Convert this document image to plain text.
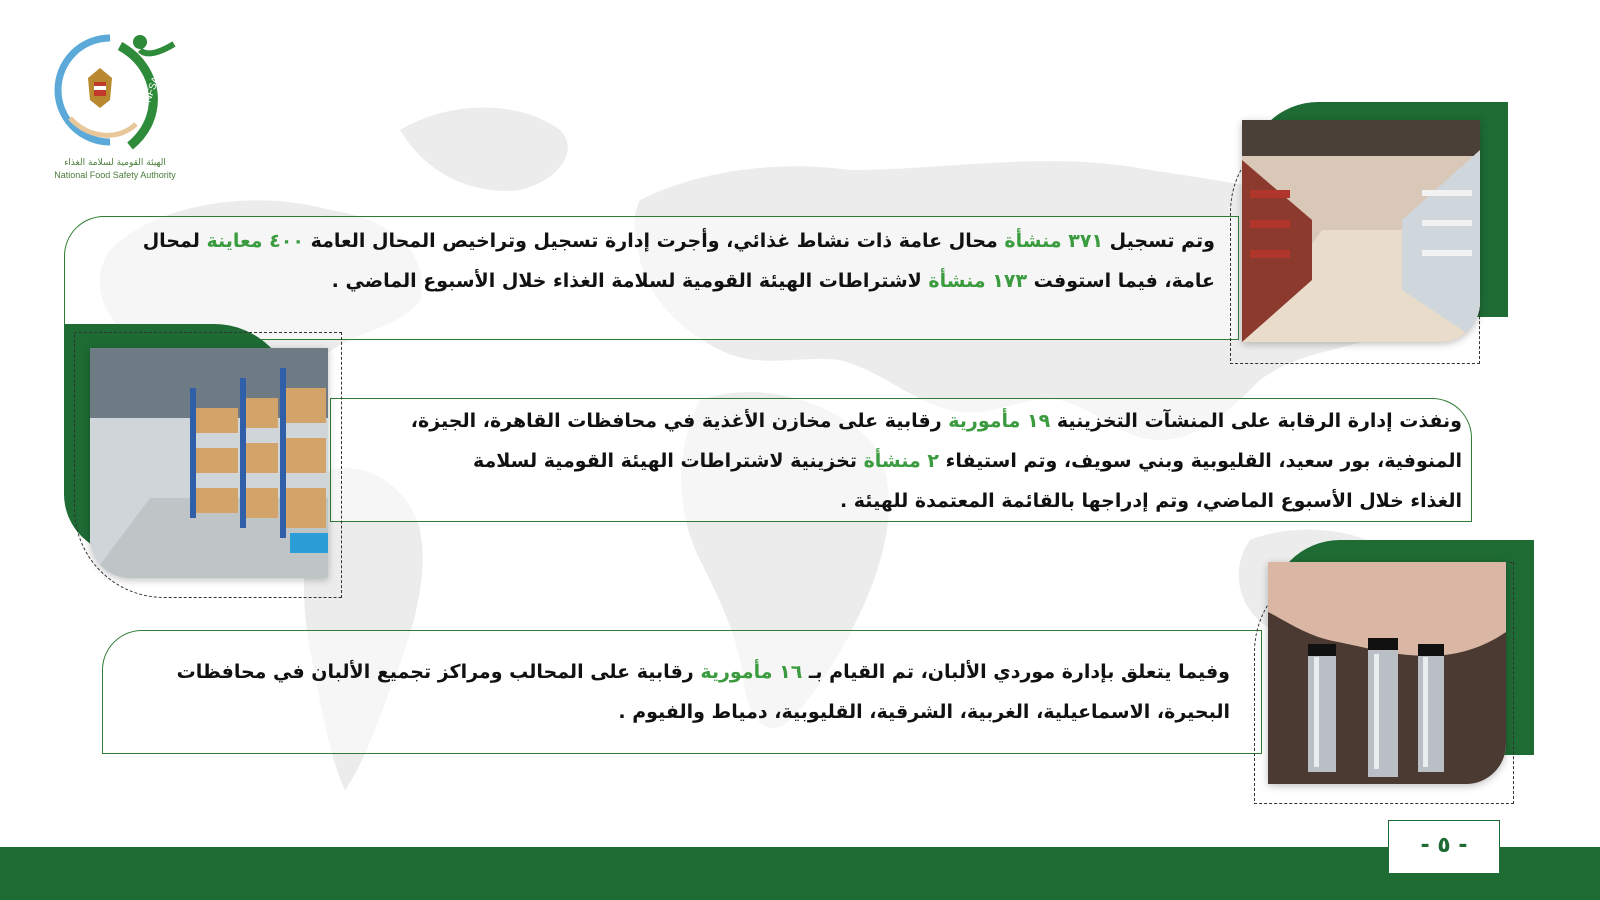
NFSA
الهيئة القومية لسلامة الغذاء
National Food Safety Authority
وتم تسجيل ٣٧١ منشأة محال عامة ذات نشاط غذائي، وأجرت إدارة تسجيل وتراخيص المحال العامة ٤٠٠ معاينة لمحال
عامة، فيما استوفت ١٧٣ منشأة لاشتراطات الهيئة القومية لسلامة الغذاء خلال الأسبوع الماضي .
ونفذت إدارة الرقابة على المنشآت التخزينية ١٩ مأمورية رقابية على مخازن الأغذية في محافظات القاهرة، الجيزة،
المنوفية، بور سعيد، القليوبية وبني سويف، وتم استيفاء ٢ منشأة تخزينية لاشتراطات الهيئة القومية لسلامة
الغذاء خلال الأسبوع الماضي، وتم إدراجها بالقائمة المعتمدة للهيئة .
وفيما يتعلق بإدارة موردي الألبان، تم القيام بـ ١٦ مأمورية رقابية على المحالب ومراكز تجميع الألبان في محافظات
البحيرة، الاسماعيلية، الغربية، الشرقية، القليوبية، دمياط والفيوم .
- ٥ -
